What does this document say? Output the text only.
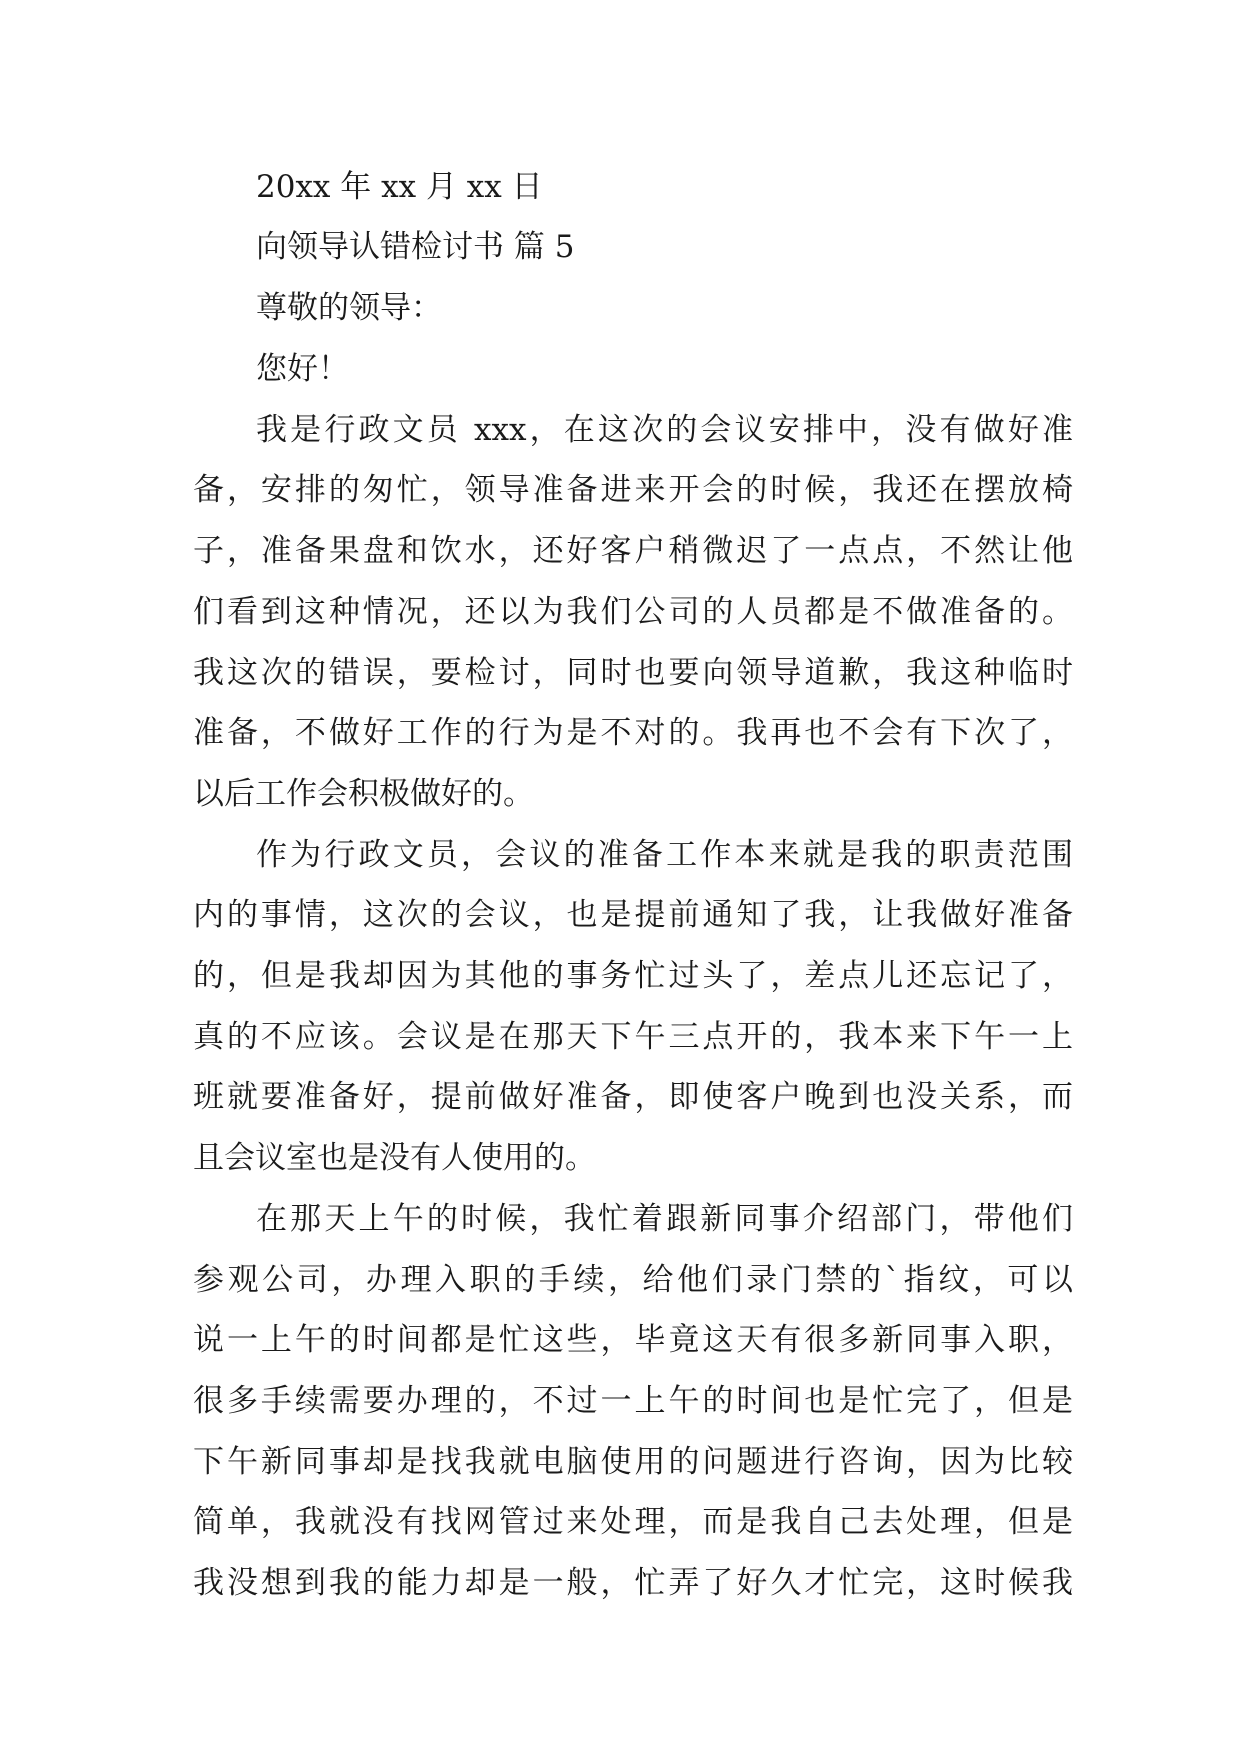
20xx 年 xx 月 xx 日
向领导认错检讨书 篇 5
尊敬的领导：
您好！
我是行政文员 xxx，在这次的会议安排中，没有做好准
备，安排的匆忙，领导准备进来开会的时候，我还在摆放椅
子，准备果盘和饮水，还好客户稍微迟了一点点，不然让他
们看到这种情况，还以为我们公司的人员都是不做准备的。
我这次的错误，要检讨，同时也要向领导道歉，我这种临时
准备，不做好工作的行为是不对的。我再也不会有下次了，
以后工作会积极做好的。
作为行政文员，会议的准备工作本来就是我的职责范围
内的事情，这次的会议，也是提前通知了我，让我做好准备
的，但是我却因为其他的事务忙过头了，差点儿还忘记了，
真的不应该。会议是在那天下午三点开的，我本来下午一上
班就要准备好，提前做好准备，即使客户晚到也没关系，而
且会议室也是没有人使用的。
在那天上午的时候，我忙着跟新同事介绍部门，带他们
参观公司，办理入职的手续，给他们录门禁的`指纹，可以
说一上午的时间都是忙这些，毕竟这天有很多新同事入职，
很多手续需要办理的，不过一上午的时间也是忙完了，但是
下午新同事却是找我就电脑使用的问题进行咨询，因为比较
简单，我就没有找网管过来处理，而是我自己去处理，但是
我没想到我的能力却是一般，忙弄了好久才忙完，这时候我
